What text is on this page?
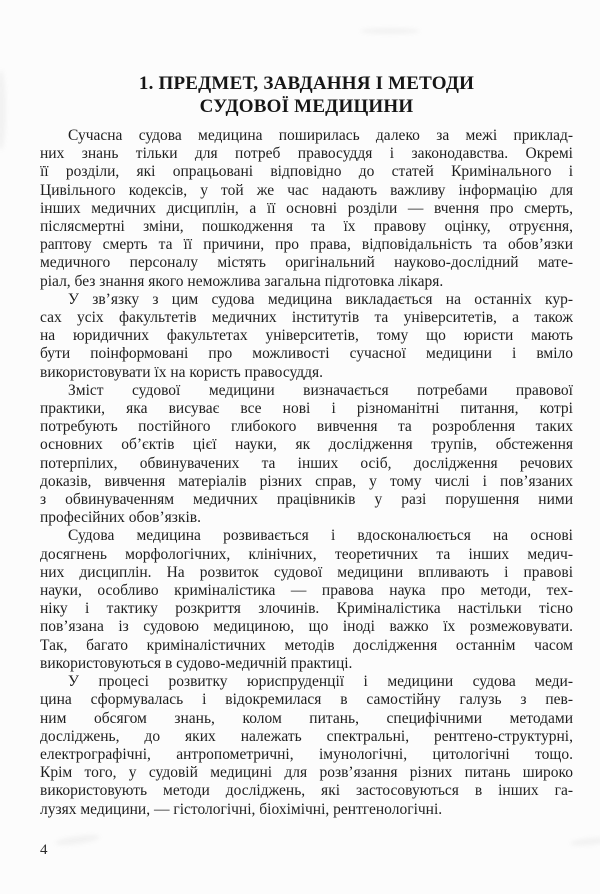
1. ПРЕДМЕТ, ЗАВДАННЯ І МЕТОДИ
СУДОВОЇ МЕДИЦИНИ
Сучасна судова медицина поширилась далеко за межі приклад-
них знань тільки для потреб правосуддя і законодавства. Окремі
її розділи, які опрацьовані відповідно до статей Кримінального і
Цивільного кодексів, у той же час надають важливу інформацію для
інших медичних дисциплін, а її основні розділи — вчення про смерть,
післясмертні зміни, пошкодження та їх правову оцінку, отруєння,
раптову смерть та її причини, про права, відповідальність та обов’язки
медичного персоналу містять оригінальний науково-дослідний мате-
ріал, без знання якого неможлива загальна підготовка лікаря.
У зв’язку з цим судова медицина викладається на останніх кур-
сах усіх факультетів медичних інститутів та університетів, а також
на юридичних факультетах університетів, тому що юристи мають
бути поінформовані про можливості сучасної медицини і вміло
використовувати їх на користь правосуддя.
Зміст судової медицини визначається потребами правової
практики, яка висуває все нові і різноманітні питання, котрі
потребують постійного глибокого вивчення та розроблення таких
основних об’єктів цієї науки, як дослідження трупів, обстеження
потерпілих, обвинувачених та інших осіб, дослідження речових
доказів, вивчення матеріалів різних справ, у тому числі і пов’язаних
з обвинуваченням медичних працівників у разі порушення ними
професійних обов’язків.
Судова медицина розвивається і вдосконалюється на основі
досягнень морфологічних, клінічних, теоретичних та інших медич-
них дисциплін. На розвиток судової медицини впливають і правові
науки, особливо криміналістика — правова наука про методи, тех-
ніку і тактику розкриття злочинів. Криміналістика настільки тісно
пов’язана із судовою медициною, що іноді важко їх розмежовувати.
Так, багато криміналістичних методів дослідження останнім часом
використовуються в судово-медичній практиці.
У процесі розвитку юриспруденції і медицини судова меди-
цина сформувалась і відокремилася в самостійну галузь з пев-
ним обсягом знань, колом питань, специфічними методами
досліджень, до яких належать спектральні, рентгено-структурні,
електрографічні, антропометричні, імунологічні, цитологічні тощо.
Крім того, у судовій медицині для розв’язання різних питань широко
використовують методи досліджень, які застосовуються в інших га-
лузях медицини, — гістологічні, біохімічні, рентгенологічні.
4
